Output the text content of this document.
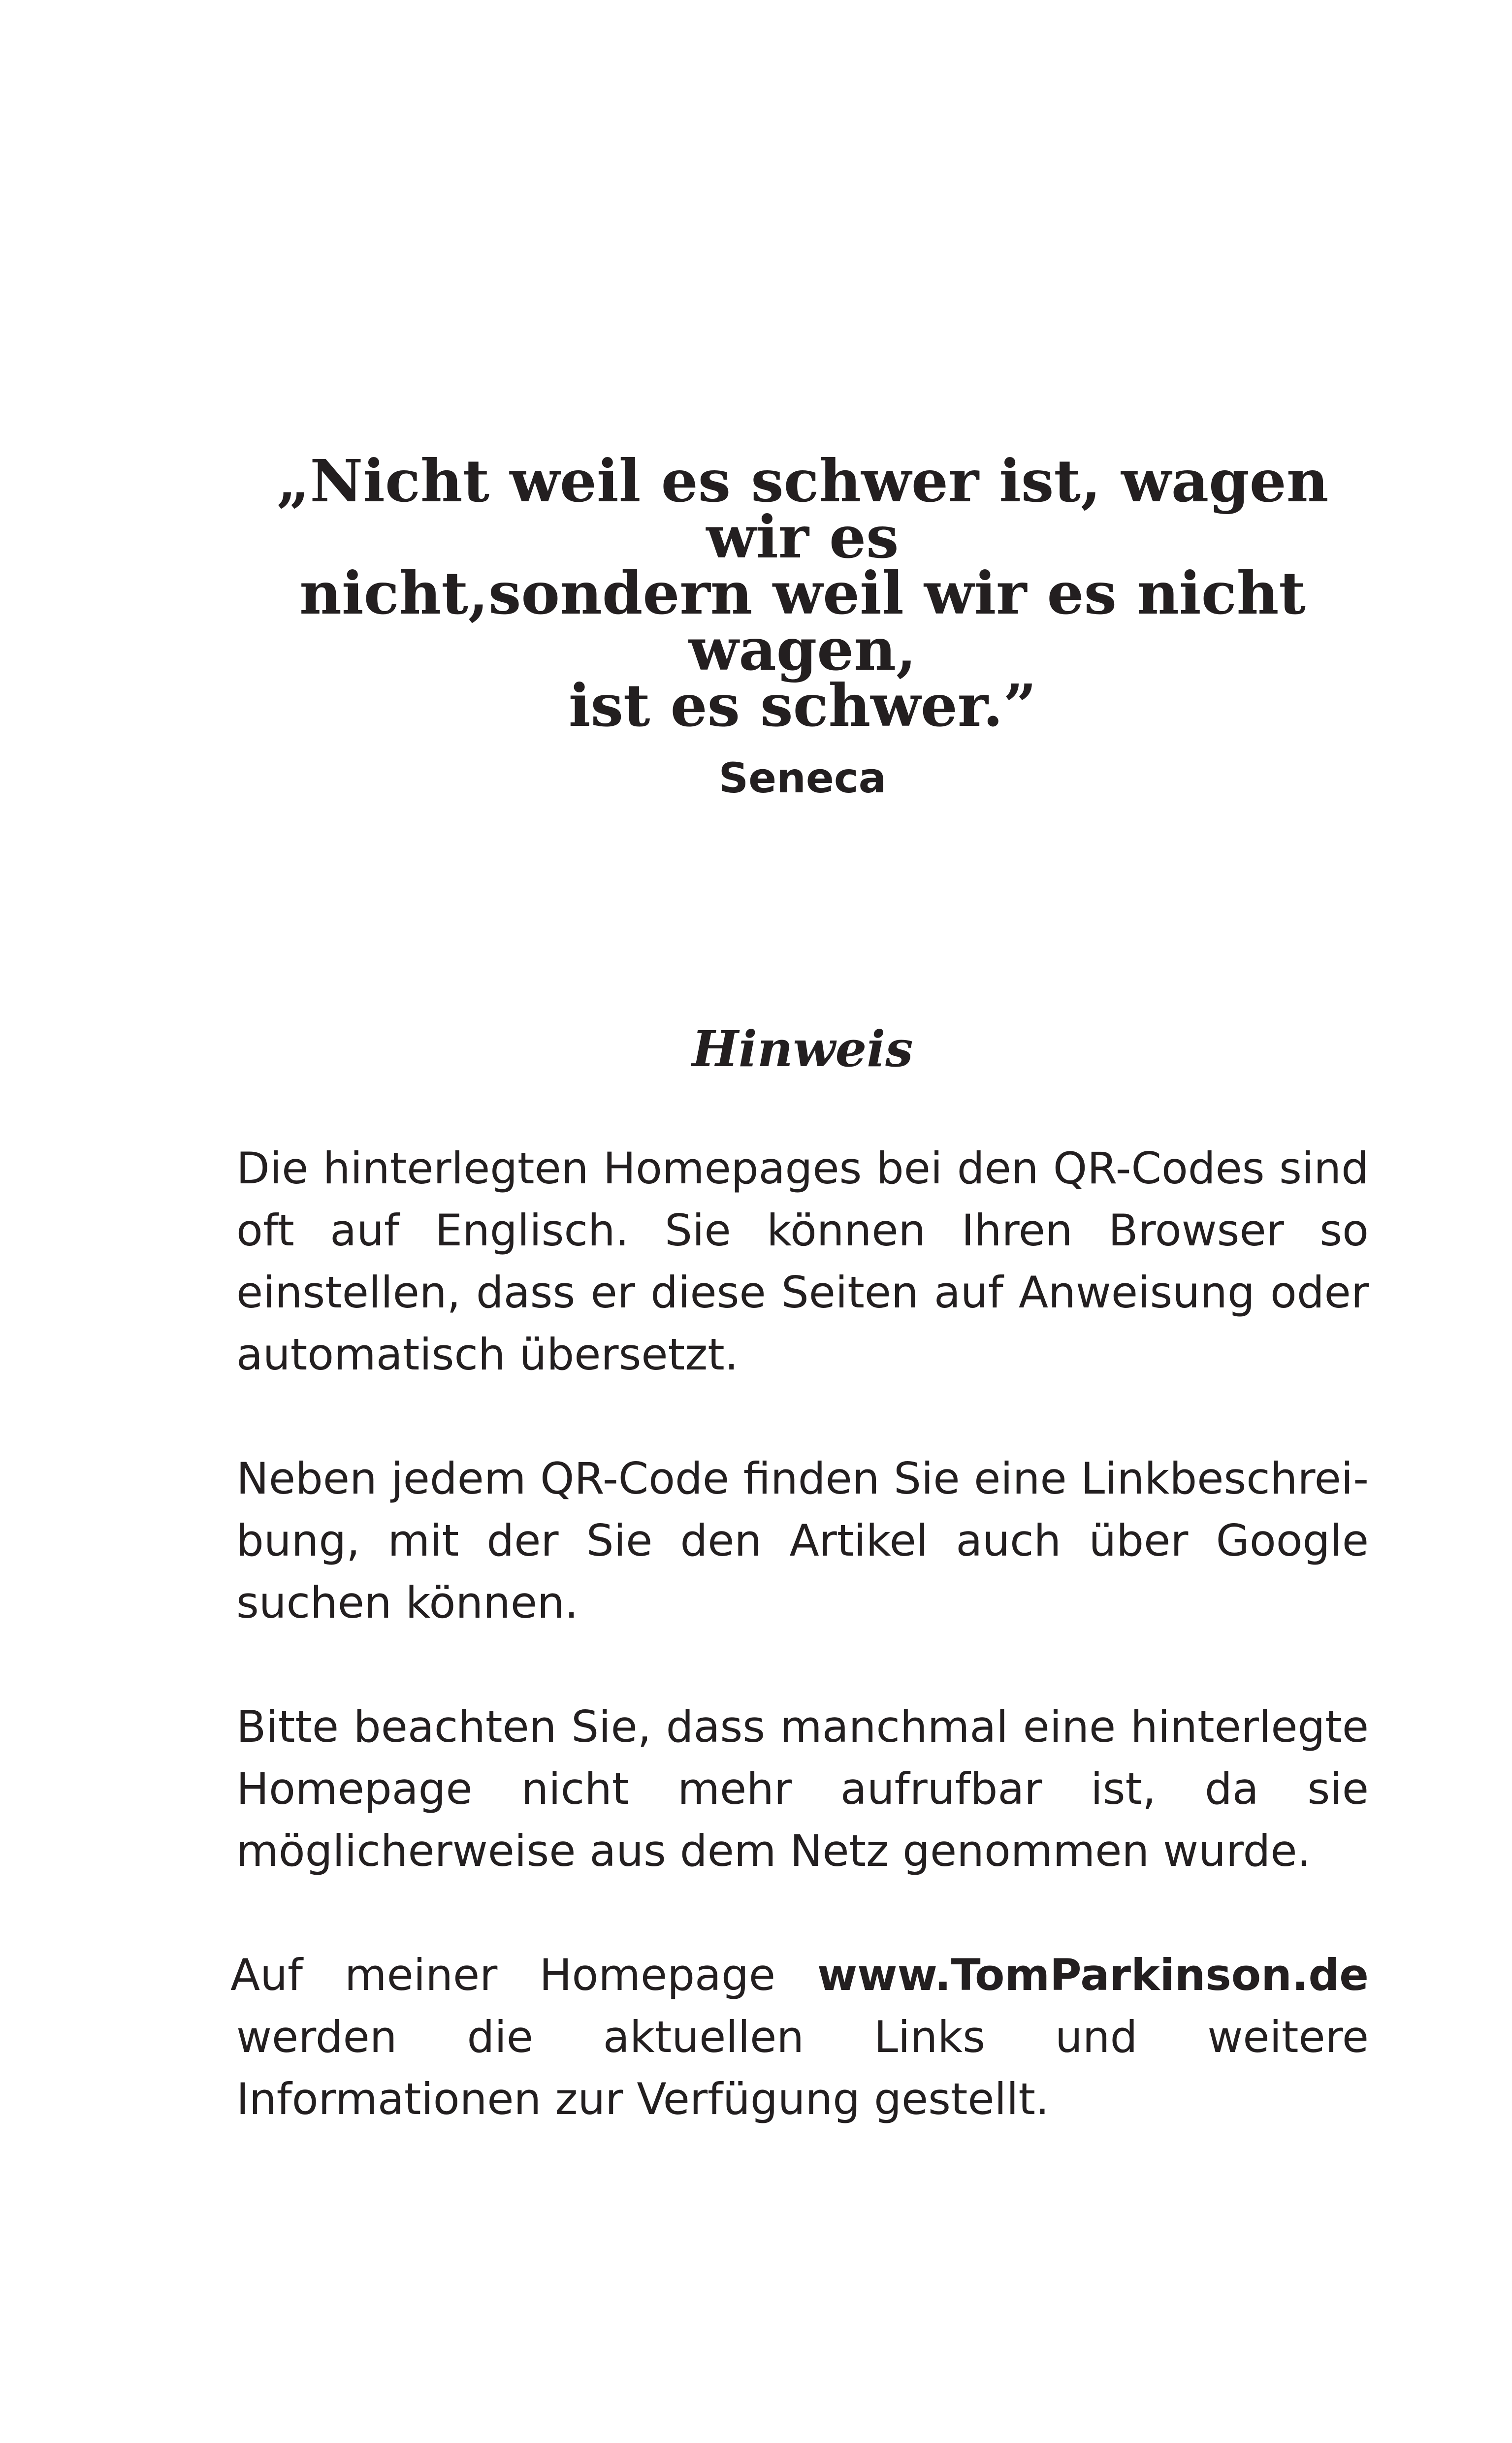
„Nicht weil es schwer ist, wagen wir es
nicht,sondern weil wir es nicht wagen,
ist es schwer.”

Seneca
Hinweis

Die hinterlegten Homepages bei den QR-Codes sind oft auf Englisch. Sie können Ihren Browser so einstellen, dass er diese Seiten auf Anweisung oder automatisch übersetzt.

Neben jedem QR-Code finden Sie eine Linkbeschreibung, mit der Sie den Artikel auch über Google suchen können.

Bitte beachten Sie, dass manchmal eine hinterlegte Homepage nicht mehr aufrufbar ist, da sie möglicherweise aus dem Netz genommen wurde.

Auf meiner Homepage www.TomParkinson.de werden die aktuellen Links und weitere Informationen zur Verfügung gestellt.
